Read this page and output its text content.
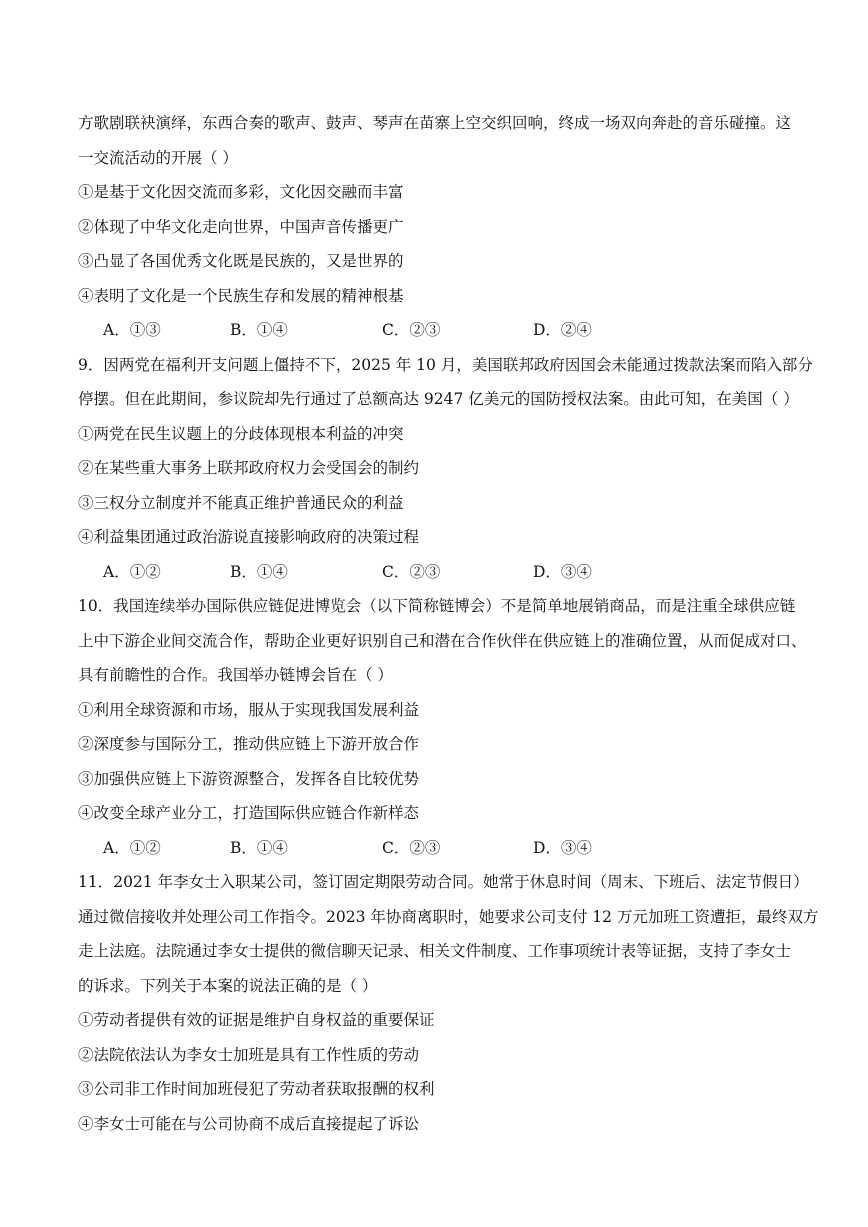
方歌剧联袂演绎，东西合奏的歌声、鼓声、琴声在苗寨上空交织回响，终成一场双向奔赴的音乐碰撞。这
一交流活动的开展（ ）
①是基于文化因交流而多彩，文化因交融而丰富
②体现了中华文化走向世界，中国声音传播更广
③凸显了各国优秀文化既是民族的，又是世界的
④表明了文化是一个民族生存和发展的精神根基
A．①③	B．①④	C．②③	D．②④
9．因两党在福利开支问题上僵持不下，2025 年 10 月，美国联邦政府因国会未能通过拨款法案而陷入部分
停摆。但在此期间，参议院却先行通过了总额高达 9247 亿美元的国防授权法案。由此可知，在美国（ ）
①两党在民生议题上的分歧体现根本利益的冲突
②在某些重大事务上联邦政府权力会受国会的制约
③三权分立制度并不能真正维护普通民众的利益
④利益集团通过政治游说直接影响政府的决策过程
A．①②	B．①④	C．②③	D．③④
10．我国连续举办国际供应链促进博览会（以下简称链博会）不是简单地展销商品，而是注重全球供应链
上中下游企业间交流合作，帮助企业更好识别自己和潜在合作伙伴在供应链上的准确位置，从而促成对口、
具有前瞻性的合作。我国举办链博会旨在（ ）
①利用全球资源和市场，服从于实现我国发展利益
②深度参与国际分工，推动供应链上下游开放合作
③加强供应链上下游资源整合，发挥各自比较优势
④改变全球产业分工，打造国际供应链合作新样态
A．①②	B．①④	C．②③	D．③④
11．2021 年李女士入职某公司，签订固定期限劳动合同。她常于休息时间（周末、下班后、法定节假日）
通过微信接收并处理公司工作指令。2023 年协商离职时，她要求公司支付 12 万元加班工资遭拒，最终双方
走上法庭。法院通过李女士提供的微信聊天记录、相关文件制度、工作事项统计表等证据，支持了李女士
的诉求。下列关于本案的说法正确的是（ ）
①劳动者提供有效的证据是维护自身权益的重要保证
②法院依法认为李女士加班是具有工作性质的劳动
③公司非工作时间加班侵犯了劳动者获取报酬的权利
④李女士可能在与公司协商不成后直接提起了诉讼
